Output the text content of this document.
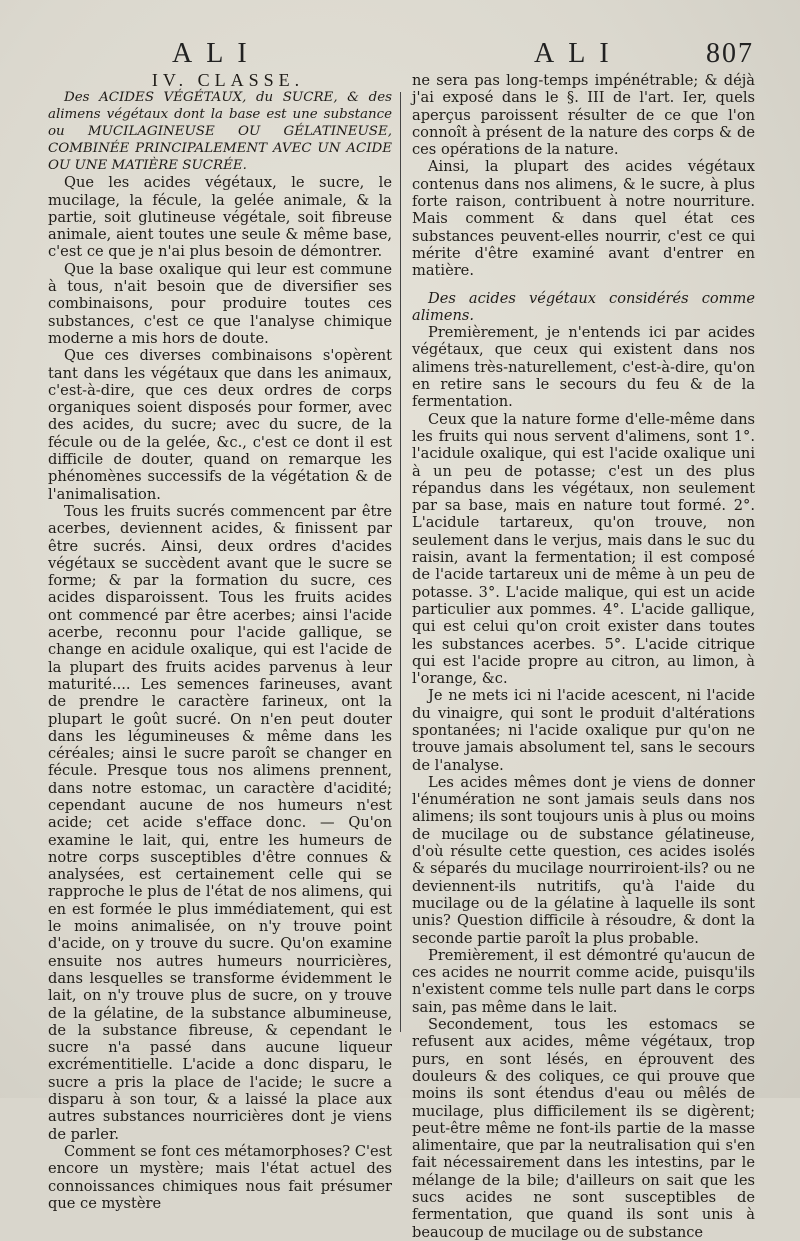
ALI	ALI	807

IV. CLASSE.

Des ACIDES VÉGÉTAUX, du SUCRE, & des alimens végétaux dont la base est une substance ou MUCILAGINEUSE OU GÉLATINEUSE, COMBINÉE PRINCIPALEMENT AVEC UN ACIDE OU UNE MATIÈRE SUCRÉE.

Que les acides végétaux, le sucre, le mucilage, la fécule, la gelée animale, & la partie, soit glutineuse végétale, soit fibreuse animale, aient toutes une seule & même base, c'est ce que je n'ai plus besoin de démontrer.

Que la base oxalique qui leur est commune à tous, n'ait besoin que de diversifier ses combinaisons, pour produire toutes ces substances, c'est ce que l'analyse chimique moderne a mis hors de doute.

Que ces diverses combinaisons s'opèrent tant dans les végétaux que dans les animaux, c'est-à-dire, que ces deux ordres de corps organiques soient disposés pour former, avec des acides, du sucre; avec du sucre, de la fécule ou de la gelée, &c., c'est ce dont il est difficile de douter, quand on remarque les phénomènes successifs de la végétation & de l'animalisation.

Tous les fruits sucrés commencent par être acerbes, deviennent acides, & finissent par être sucrés. Ainsi, deux ordres d'acides végétaux se succèdent avant que le sucre se forme; & par la formation du sucre, ces acides disparoissent. Tous les fruits acides ont commencé par être acerbes; ainsi l'acide acerbe, reconnu pour l'acide gallique, se change en acidule oxalique, qui est l'acide de la plupart des fruits acides parvenus à leur maturité.... Les semences farineuses, avant de prendre le caractère farineux, ont la plupart le goût sucré. On n'en peut douter dans les légumineuses & même dans les céréales; ainsi le sucre paroît se changer en fécule. Presque tous nos alimens prennent, dans notre estomac, un caractère d'acidité; cependant aucune de nos humeurs n'est acide; cet acide s'efface donc. — Qu'on examine le lait, qui, entre les humeurs de notre corps susceptibles d'être connues & analysées, est certainement celle qui se rapproche le plus de l'état de nos alimens, qui en est formée le plus immédiatement, qui est le moins animalisée, on n'y trouve point d'acide, on y trouve du sucre. Qu'on examine ensuite nos autres humeurs nourricières, dans lesquelles se transforme évidemment le lait, on n'y trouve plus de sucre, on y trouve de la gélatine, de la substance albumineuse, de la substance fibreuse, & cependant le sucre n'a passé dans aucune liqueur excrémentitielle. L'acide a donc disparu, le sucre a pris la place de l'acide; le sucre a disparu à son tour, & a laissé la place aux autres substances nourricières dont je viens de parler.

Comment se font ces métamorphoses? C'est encore un mystère; mais l'état actuel des connoissances chimiques nous fait présumer que ce mystère

ne sera pas long-temps impénétrable; & déjà j'ai exposé dans le §. III de l'art. Ier, quels aperçus paroissent résulter de ce que l'on connoît à présent de la nature des corps & de ces opérations de la nature.

Ainsi, la plupart des acides végétaux contenus dans nos alimens, & le sucre, à plus forte raison, contribuent à notre nourriture. Mais comment & dans quel état ces substances peuvent-elles nourrir, c'est ce qui mérite d'être examiné avant d'entrer en matière.

Des acides végétaux considérés comme alimens.

Premièrement, je n'entends ici par acides végétaux, que ceux qui existent dans nos alimens très-naturellement, c'est-à-dire, qu'on en retire sans le secours du feu & de la fermentation.

Ceux que la nature forme d'elle-même dans les fruits qui nous servent d'alimens, sont 1°. l'acidule oxalique, qui est l'acide oxalique uni à un peu de potasse; c'est un des plus répandus dans les végétaux, non seulement par sa base, mais en nature tout formé. 2°. L'acidule tartareux, qu'on trouve, non seulement dans le verjus, mais dans le suc du raisin, avant la fermentation; il est composé de l'acide tartareux uni de même à un peu de potasse. 3°. L'acide malique, qui est un acide particulier aux pommes. 4°. L'acide gallique, qui est celui qu'on croit exister dans toutes les substances acerbes. 5°. L'acide citrique qui est l'acide propre au citron, au limon, à l'orange, &c.

Je ne mets ici ni l'acide acescent, ni l'acide du vinaigre, qui sont le produit d'altérations spontanées; ni l'acide oxalique pur qu'on ne trouve jamais absolument tel, sans le secours de l'analyse.

Les acides mêmes dont je viens de donner l'énumération ne sont jamais seuls dans nos alimens; ils sont toujours unis à plus ou moins de mucilage ou de substance gélatineuse, d'où résulte cette question, ces acides isolés & séparés du mucilage nourriroient-ils? ou ne deviennent-ils nutritifs, qu'à l'aide du mucilage ou de la gélatine à laquelle ils sont unis? Question difficile à résoudre, & dont la seconde partie paroît la plus probable.

Premièrement, il est démontré qu'aucun de ces acides ne nourrit comme acide, puisqu'ils n'existent comme tels nulle part dans le corps sain, pas même dans le lait.

Secondement, tous les estomacs se refusent aux acides, même végétaux, trop purs, en sont lésés, en éprouvent des douleurs & des coliques, ce qui prouve que moins ils sont étendus d'eau ou mêlés de mucilage, plus difficilement ils se digèrent; peut-être même ne font-ils partie de la masse alimentaire, que par la neutralisation qui s'en fait nécessairement dans les intestins, par le mélange de la bile; d'ailleurs on sait que les sucs acides ne sont susceptibles de fermentation, que quand ils sont unis à beaucoup de mucilage ou de substance
